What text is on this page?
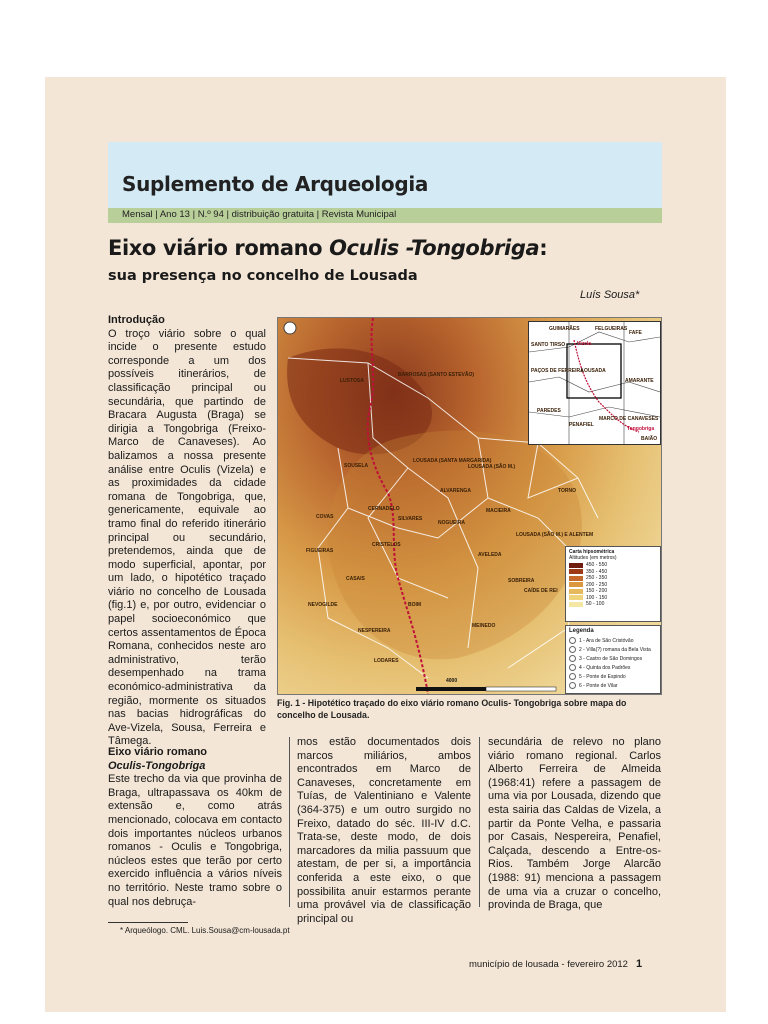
Suplemento de Arqueologia
Mensal | Ano 13 | N.º 94 | distribuição gratuita | Revista Municipal
Eixo viário romano Oculis -Tongobriga:
sua presença no concelho de Lousada
Luís Sousa*

Introdução

O troço viário sobre o qual incide o presente estudo corresponde a um dos possíveis itinerários, de classificação principal ou secundária, que partindo de Bracara Augusta (Braga) se dirigia a Tongobriga (Freixo-Marco de Canaveses). Ao balizamos a nossa presente análise entre Oculis (Vizela) e as proximidades da cidade romana de Tongobriga, que, genericamente, equivale ao tramo final do referido itinerário principal ou secundário, pretendemos, ainda que de modo superficial, apontar, por um lado, o hipotético traçado viário no concelho de Lousada (fig.1) e, por outro, evidenciar o papel socioeconómico que certos assentamentos de Época Romana, conhecidos neste aro administrativo, terão desempenhado na trama económico-administrativa da região, mormente os situados nas bacias hidrográficas do Ave-Vizela, Sousa, Ferreira e Tâmega.

Eixo viário romano

Oculis-Tongobriga

Este trecho da via que provinha de Braga, ultrapassava os 40km de extensão e, como atrás mencionado, colocava em contacto dois importantes núcleos urbanos romanos - Oculis e Tongobriga, núcleos estes que terão por certo exercido influência a vários níveis no território. Neste tramo sobre o qual nos debruça-

mos estão documentados dois marcos miliários, ambos encontrados em Marco de Canaveses, concretamente em Tuías, de Valentiniano e Valente (364-375) e um outro surgido no Freixo, datado do séc. III-IV d.C. Trata-se, deste modo, de dois marcadores da milia passuum que atestam, de per si, a importância conferida a este eixo, o que possibilita anuir estarmos perante uma provável via de classificação principal ou

secundária de relevo no plano viário romano regional. Carlos Alberto Ferreira de Almeida (1968:41) refere a passagem de uma via por Lousada, dizendo que esta sairia das Caldas de Vizela, a partir da Ponte Velha, e passaria por Casais, Nespereira, Penafiel, Calçada, descendo a Entre-os-Rios. Também Jorge Alarcão (1988: 91) menciona a passagem de uma via a cruzar o concelho, provinda de Braga, que

LUSTOSA
BARROSAS (SANTO ESTEVÃO)
SOUSELA
LOUSADA (SANTA MARGARIDA)
LOUSADA (SÃO M.)
ALVARENGA
COVAS
CERNADELO
TORNO
NOGUEIRA
SILVARES
MACIEIRA
CRISTELOS
FIGUEIRAS
AVELEDA
CASAIS
MEINEDO
NESPEREIRA
BOIM
SOBREIRA
LODARES
CAÍDE DE REI
NEVOGILDE
LOUSADA (SÃO M.) E ALENTEM
4000
Vizela
LOUSADA
Tongobriga
GUIMARÃES	FELGUEIRAS
PAREDES
PENAFIEL
MARCO DE CANAVESES
AMARANTE
PAÇOS DE FERREIRA
SANTO TIRSO
FAFE
BAIÃO
Carta hipsométrica
Altitudes (em metros)
450 - 550
350 - 450
250 - 350
200 - 250
150 - 200
100 - 150
50 - 100
Legenda
1 - Ara de São Cristóvão
2 - Villa(?) romana da Bela Vista
3 - Castro de São Domingos
4 - Quinta dos Padrões
5 - Ponte de Espindo
6 - Ponte de Vilar
Fig. 1 - Hipotético traçado do eixo viário romano Oculis- Tongobriga sobre mapa do concelho de Lousada.
* Arqueólogo. CML. Luis.Sousa@cm-lousada.pt
município de lousada - fevereiro 2012 1
